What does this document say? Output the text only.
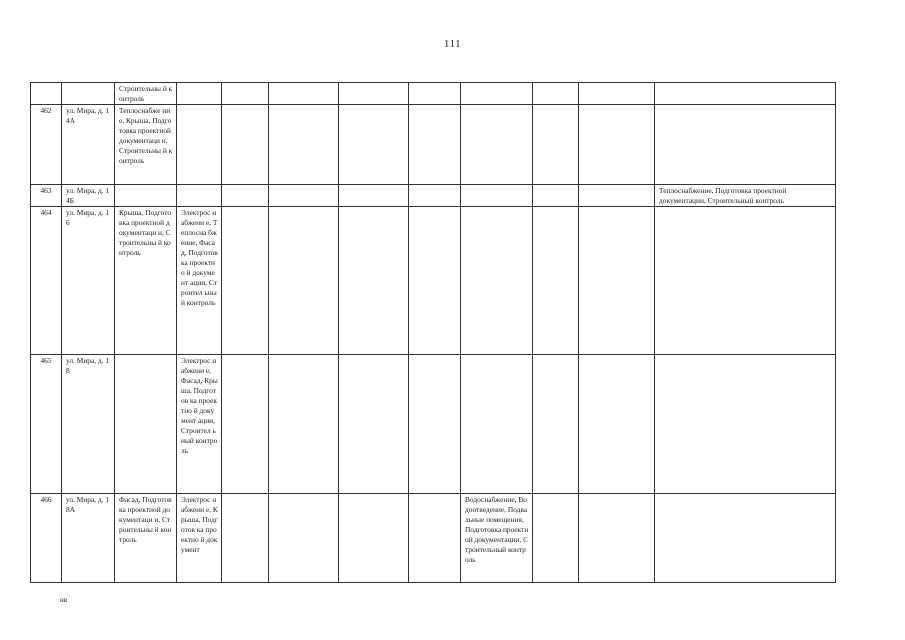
111
		Строительны й контроль									
462	ул. Мира, д. 14А	Теплоснабже ние, Крыша, Подготовка проектной документаци и, Строительны й контроль									
463	ул. Мира, д. 14Б										Теплоснабжение, Подготовка проектной документации, Строительный контроль
464	ул. Мира, д. 16	Крыша, Подготовка проектной документаци и, Строительны й контроль	Электрос набжени е, Теплосна бжение, Фасад, Подготов ка проектно й документ ации, Строител ьный контроль								
465	ул. Мира, д. 18		Электрос набжени е, Фасад, Крыша, Подготов ка проектно й документ ации, Строител ьный контроль								
466	ул. Мира, д. 18А	Фасад, Подготовка проектной документаци и, Строительны й контроль	Электрос набжени е, Крыша, Подготов ка проектно й документ					Водоснабжение, Водоотведение, Подвальные помещения, Подготовка проектной документации, Строительный контроль			
нв
